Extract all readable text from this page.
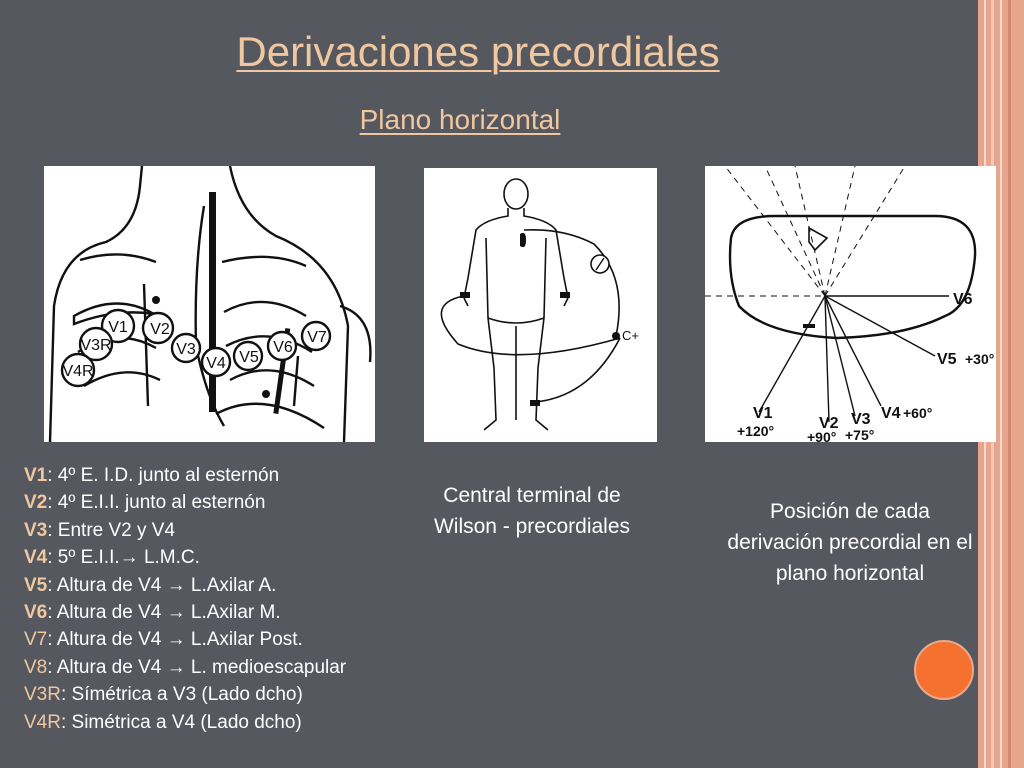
Derivaciones precordiales
Plano horizontal
V1 V2
V3
V4 V5
V6
V7
V3R
V4R
C+
V6
V5 +30°
V4 +60°
V3
+75°
V2
+90°
V1
+120°
V1: 4º E. I.D. junto al esternón
V2: 4º E.I.I. junto al esternón
V3: Entre V2 y V4
V4: 5º E.I.I.→ L.M.C.
V5: Altura de V4 → L.Axilar A.
V6: Altura de V4 → L.Axilar M.
V7: Altura de V4 → L.Axilar Post.
V8: Altura de V4 → L. medioescapular
V3R: Símétrica a V3 (Lado dcho)
V4R: Simétrica a V4 (Lado dcho)
Central terminal de Wilson - precordiales
Posición de cada derivación precordial en el plano horizontal
